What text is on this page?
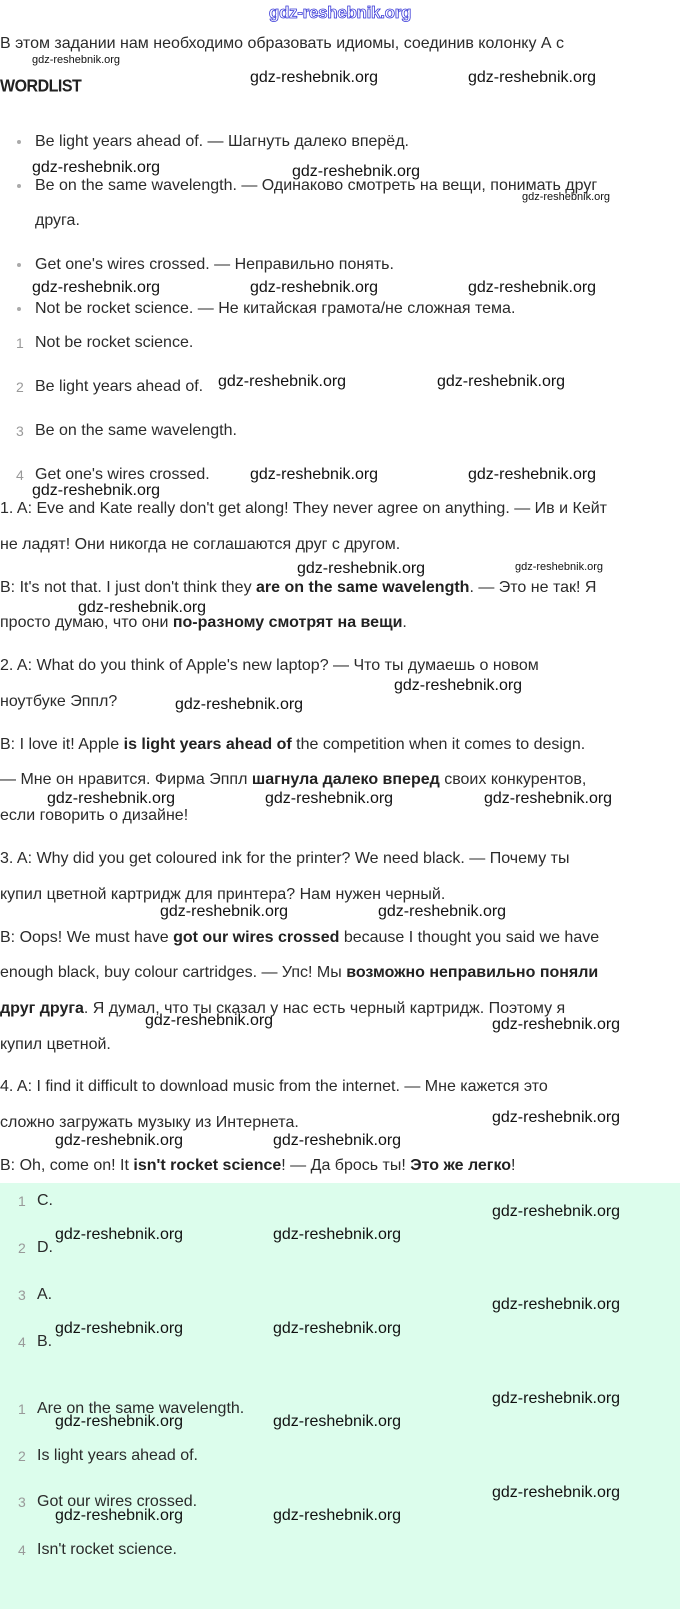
gdz-reshebnik.org
В этом задании нам необходимо образовать идиомы, соединив колонку А с
WORDLIST
Be light years ahead of. — Шагнуть далеко вперёд.
Be on the same wavelength. — Одинаково смотреть на вещи, понимать друг
друга.
Get one's wires crossed. — Неправильно понять.
Not be rocket science. — Не китайская грамота/не сложная тема.
1 Not be rocket science.
2 Be light years ahead of.
3 Be on the same wavelength.
4 Get one's wires crossed.
1. A: Eve and Kate really don't get along! They never agree on anything. — Ив и Кейт
не ладят! Они никогда не соглашаются друг с другом.
B: It's not that. I just don't think they are on the same wavelength. — Это не так! Я
просто думаю, что они по-разному смотрят на вещи.
2. A: What do you think of Apple's new laptop? — Что ты думаешь о новом
ноутбуке Эппл?
B: I love it! Apple is light years ahead of the competition when it comes to design.
— Мне он нравится. Фирма Эппл шагнула далеко вперед своих конкурентов,
если говорить о дизайне!
3. A: Why did you get coloured ink for the printer? We need black. — Почему ты
купил цветной картридж для принтера? Нам нужен черный.
B: Oops! We must have got our wires crossed because I thought you said we have
enough black, buy colour cartridges. — Упс! Мы возможно неправильно поняли
друг друга. Я думал, что ты сказал у нас есть черный картридж. Поэтому я
купил цветной.
4. A: I find it difficult to download music from the internet. — Мне кажется это
сложно загружать музыку из Интернета.
B: Oh, come on! It isn't rocket science! — Да брось ты! Это же легко!
1 C.
2 D.
3 A.
4 B.
1 Are on the same wavelength.
2 Is light years ahead of.
3 Got our wires crossed.
4 Isn't rocket science.
gdz-reshebnik.org
gdz-reshebnik.org	gdz-reshebnik.org
gdz-reshebnik.org	gdz-reshebnik.org
gdz-reshebnik.org
gdz-reshebnik.org	gdz-reshebnik.org	gdz-reshebnik.org
gdz-reshebnik.org	gdz-reshebnik.org
gdz-reshebnik.org	gdz-reshebnik.org
gdz-reshebnik.org
gdz-reshebnik.org	gdz-reshebnik.org
gdz-reshebnik.org
gdz-reshebnik.org
gdz-reshebnik.org
gdz-reshebnik.org	gdz-reshebnik.org	gdz-reshebnik.org
gdz-reshebnik.org	gdz-reshebnik.org
gdz-reshebnik.org	gdz-reshebnik.org
gdz-reshebnik.org
gdz-reshebnik.org	gdz-reshebnik.org
gdz-reshebnik.org
gdz-reshebnik.org	gdz-reshebnik.org
gdz-reshebnik.org
gdz-reshebnik.org	gdz-reshebnik.org
gdz-reshebnik.org
gdz-reshebnik.org	gdz-reshebnik.org
gdz-reshebnik.org
gdz-reshebnik.org	gdz-reshebnik.org
